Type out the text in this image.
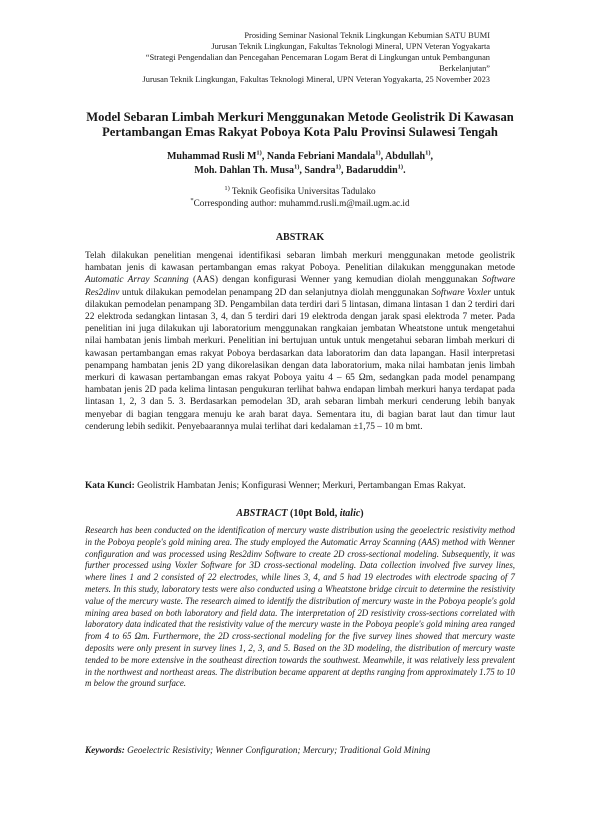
Prosiding Seminar Nasional Teknik Lingkungan Kebumian SATU BUMI
Jurusan Teknik Lingkungan, Fakultas Teknologi Mineral, UPN Veteran Yogyakarta
“Strategi Pengendalian dan Pencegahan Pencemaran Logam Berat di Lingkungan untuk Pembangunan
Berkelanjutan”
Jurusan Teknik Lingkungan, Fakultas Teknologi Mineral, UPN Veteran Yogyakarta, 25 November 2023
Model Sebaran Limbah Merkuri Menggunakan Metode Geolistrik Di Kawasan
Pertambangan Emas Rakyat Poboya Kota Palu Provinsi Sulawesi Tengah
Muhammad Rusli $M^{1)}$, Nanda Febriani Mandala$^{1)}$, Abdullah$^{1)}$,
Moh. Dahlan Th. Musa$^{1)}$, Sandra$^{1)}$, Badaruddin$^{1)}$.
$^{1)}$ Teknik Geofisika Universitas Tadulako
*Corresponding author: muhammd.rusli.m@mail.ugm.ac.id
ABSTRAK

Telah dilakukan penelitian mengenai identifikasi sebaran limbah merkuri menggunakan metode geolistrik hambatan jenis di kawasan pertambangan emas rakyat Poboya. Penelitian dilakukan menggunakan metode Automatic Array Scanning (AAS) dengan konfigurasi Wenner yang kemudian diolah menggunakan Software Res2dinv untuk dilakukan pemodelan penampang 2D dan selanjutnya diolah menggunakan Software Voxler untuk dilakukan pemodelan penampang 3D. Pengambilan data terdiri dari 5 lintasan, dimana lintasan 1 dan 2 terdiri dari 22 elektroda sedangkan lintasan 3, 4, dan 5 terdiri dari 19 elektroda dengan jarak spasi elektroda 7 meter. Pada penelitian ini juga dilakukan uji laboratorium menggunakan rangkaian jembatan Wheatstone untuk mengetahui nilai hambatan jenis limbah merkuri. Penelitian ini bertujuan untuk untuk mengetahui sebaran limbah merkuri di kawasan pertambangan emas rakyat Poboya berdasarkan data laboratorim dan data lapangan. Hasil interpretasi penampang hambatan jenis 2D yang dikorelasikan dengan data laboratorium, maka nilai hambatan jenis limbah merkuri di kawasan pertambangan emas rakyat Poboya yaitu 4 – 65 Ωm, sedangkan pada model penampang hambatan jenis 2D pada kelima lintasan pengukuran terlihat bahwa endapan limbah merkuri hanya terdapat pada lintasan 1, 2, 3 dan 5. 3. Berdasarkan pemodelan 3D, arah sebaran limbah merkuri cenderung lebih banyak menyebar di bagian tenggara menuju ke arah barat daya. Sementara itu, di bagian barat laut dan timur laut cenderung lebih sedikit. Penyebaarannya mulai terlihat dari kedalaman ±1,75 – 10 m bmt.

Kata Kunci: Geolistrik Hambatan Jenis; Konfigurasi Wenner; Merkuri, Pertambangan Emas Rakyat.
ABSTRACT (10pt Bold, italic)

Research has been conducted on the identification of mercury waste distribution using the geoelectric resistivity method in the Poboya people's gold mining area. The study employed the Automatic Array Scanning (AAS) method with Wenner configuration and was processed using Res2dinv Software to create 2D cross-sectional modeling. Subsequently, it was further processed using Voxler Software for 3D cross-sectional modeling. Data collection involved five survey lines, where lines 1 and 2 consisted of 22 electrodes, while lines 3, 4, and 5 had 19 electrodes with electrode spacing of 7 meters. In this study, laboratory tests were also conducted using a Wheatstone bridge circuit to determine the resistivity value of the mercury waste. The research aimed to identify the distribution of mercury waste in the Poboya people's gold mining area based on both laboratory and field data. The interpretation of 2D resistivity cross-sections correlated with laboratory data indicated that the resistivity value of the mercury waste in the Poboya people's gold mining area ranged from 4 to 65 Ωm. Furthermore, the 2D cross-sectional modeling for the five survey lines showed that mercury waste deposits were only present in survey lines 1, 2, 3, and 5. Based on the 3D modeling, the distribution of mercury waste tended to be more extensive in the southeast direction towards the southwest. Meanwhile, it was relatively less prevalent in the northwest and northeast areas. The distribution became apparent at depths ranging from approximately 1.75 to 10 m below the ground surface.

Keywords: Geoelectric Resistivity; Wenner Configuration; Mercury; Traditional Gold Mining
